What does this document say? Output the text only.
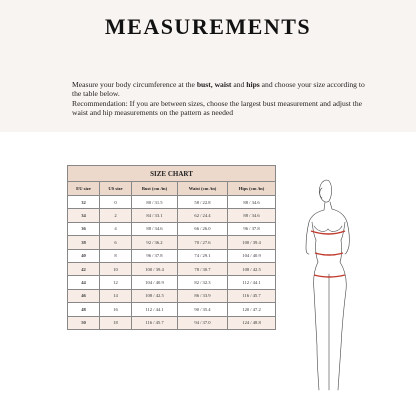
MEASUREMENTS

Measure your body circumference at the bust, waist and hips and choose your size according to the table below.

Recommendation: If you are between sizes, choose the largest bust measurement and adjust the waist and hip measurements on the pattern as needed

SIZE CHART				
EU size	US size	Bust (cm /in)	Waist (cm /in)	Hips (cm /in)
32	0	80 / 31.5	58 / 22.8	88 / 34.6
34	2	84 / 33.1	62 / 24.4	88 / 34.6
36	4	88 / 34.6	66 / 26.0	96 / 37.8
38	6	92 / 36.2	70 / 27.6	100 / 39.4
40	8	96 / 37.8	74 / 29.1	104 / 40.9
42	10	100 / 39.4	78 / 30.7	108 / 42.5
44	12	104 / 40.9	82 / 32.3	112 / 44.1
46	14	108 / 42.5	86 / 33.9	116 / 45.7
48	16	112 / 44.1	90 / 35.4	120 / 47.2
50	18	116 / 45.7	94 / 37.0	124 / 48.8
